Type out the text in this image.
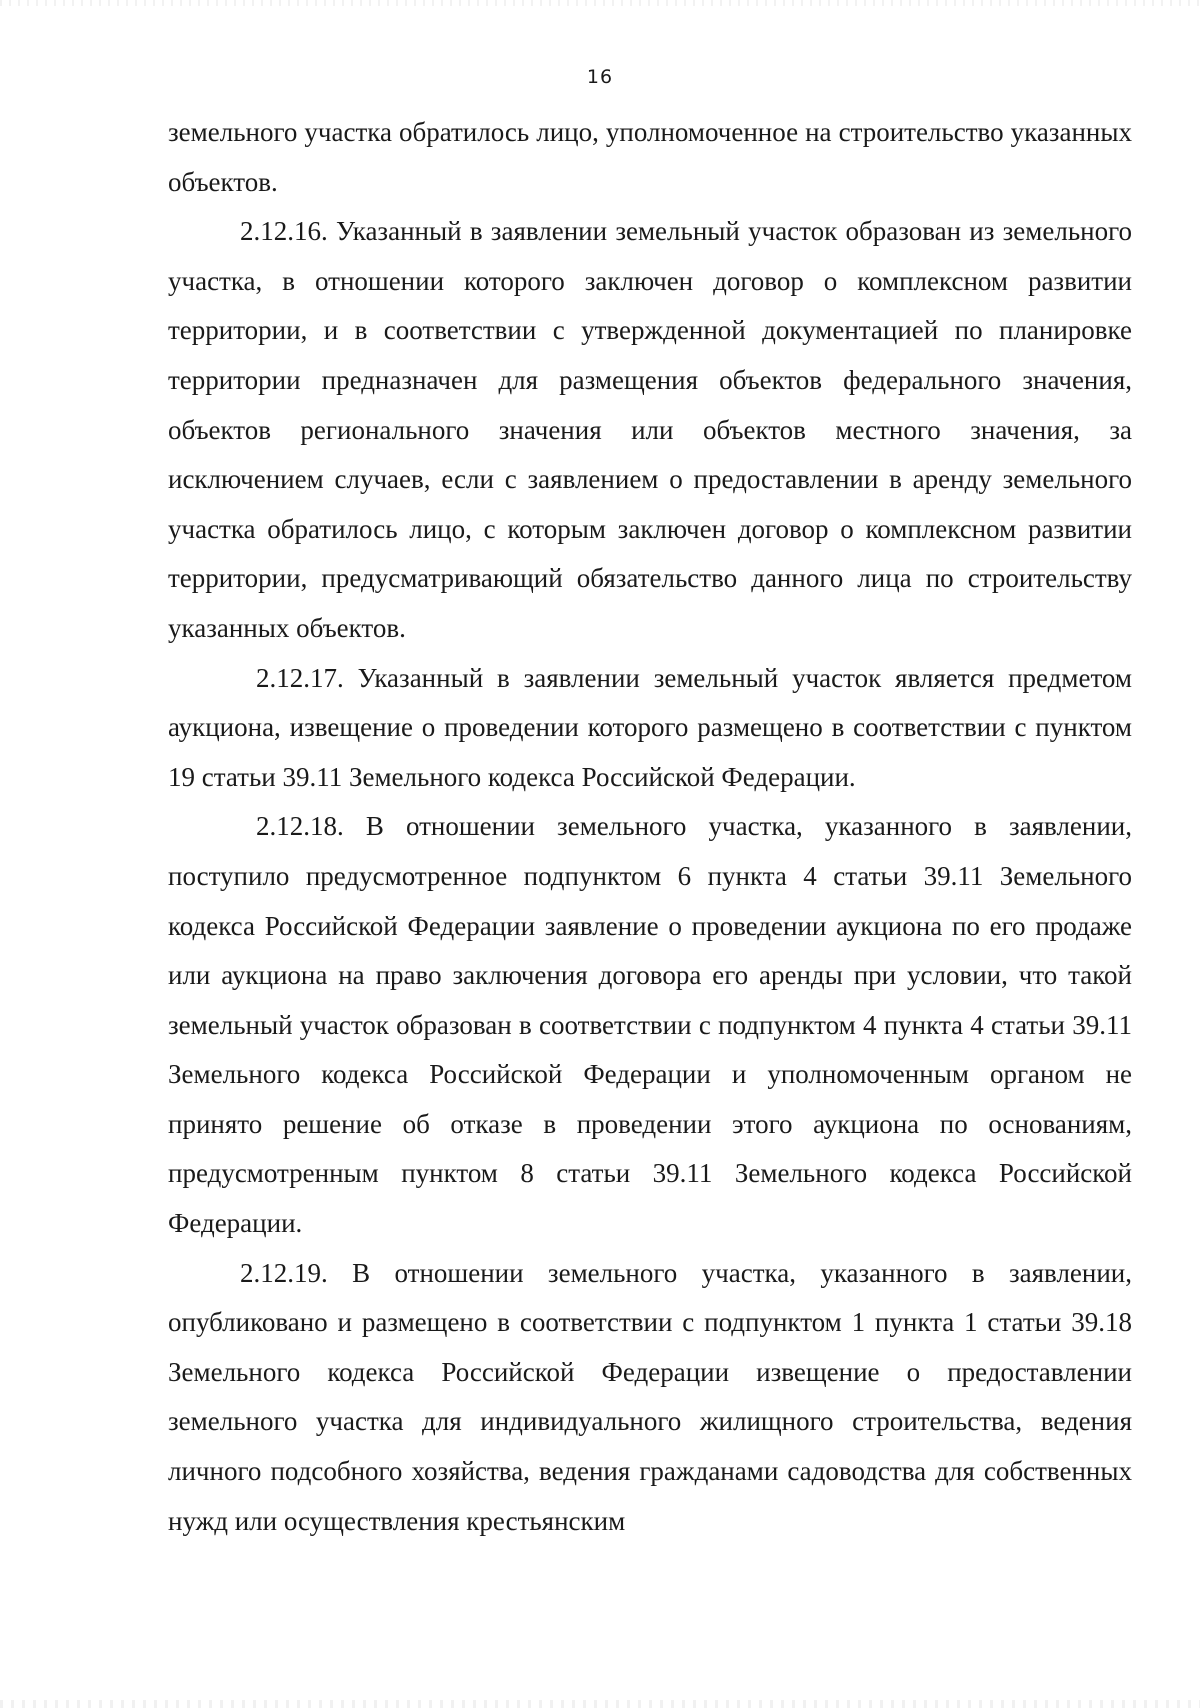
16

земельного участка обратилось лицо, уполномоченное на строительство указанных объектов.

2.12.16. Указанный в заявлении земельный участок образован из земельного участка, в отношении которого заключен договор о комплексном развитии территории, и в соответствии с утвержденной документацией по планировке территории предназначен для размещения объектов федерального значения, объектов регионального значения или объектов местного значения, за исключением случаев, если с заявлением о предоставлении в аренду земельного участка обратилось лицо, с которым заключен договор о комплексном развитии территории, предусматривающий обязательство данного лица по строительству указанных объектов.

2.12.17. Указанный в заявлении земельный участок является предметом аукциона, извещение о проведении которого размещено в соответствии с пунктом 19 статьи 39.11 Земельного кодекса Российской Федерации.

2.12.18. В отношении земельного участка, указанного в заявлении, поступило предусмотренное подпунктом 6 пункта 4 статьи 39.11 Земельного кодекса Российской Федерации заявление о проведении аукциона по его продаже или аукциона на право заключения договора его аренды при условии, что такой земельный участок образован в соответствии с подпунктом 4 пункта 4 статьи 39.11 Земельного кодекса Российской Федерации и уполномоченным органом не принято решение об отказе в проведении этого аукциона по основаниям, предусмотренным пунктом 8 статьи 39.11 Земельного кодекса Российской Федерации.

2.12.19. В отношении земельного участка, указанного в заявлении, опубликовано и размещено в соответствии с подпунктом 1 пункта 1 статьи 39.18 Земельного кодекса Российской Федерации извещение о предоставлении земельного участка для индивидуального жилищного строительства, ведения личного подсобного хозяйства, ведения гражданами садоводства для собственных нужд или осуществления крестьянским
